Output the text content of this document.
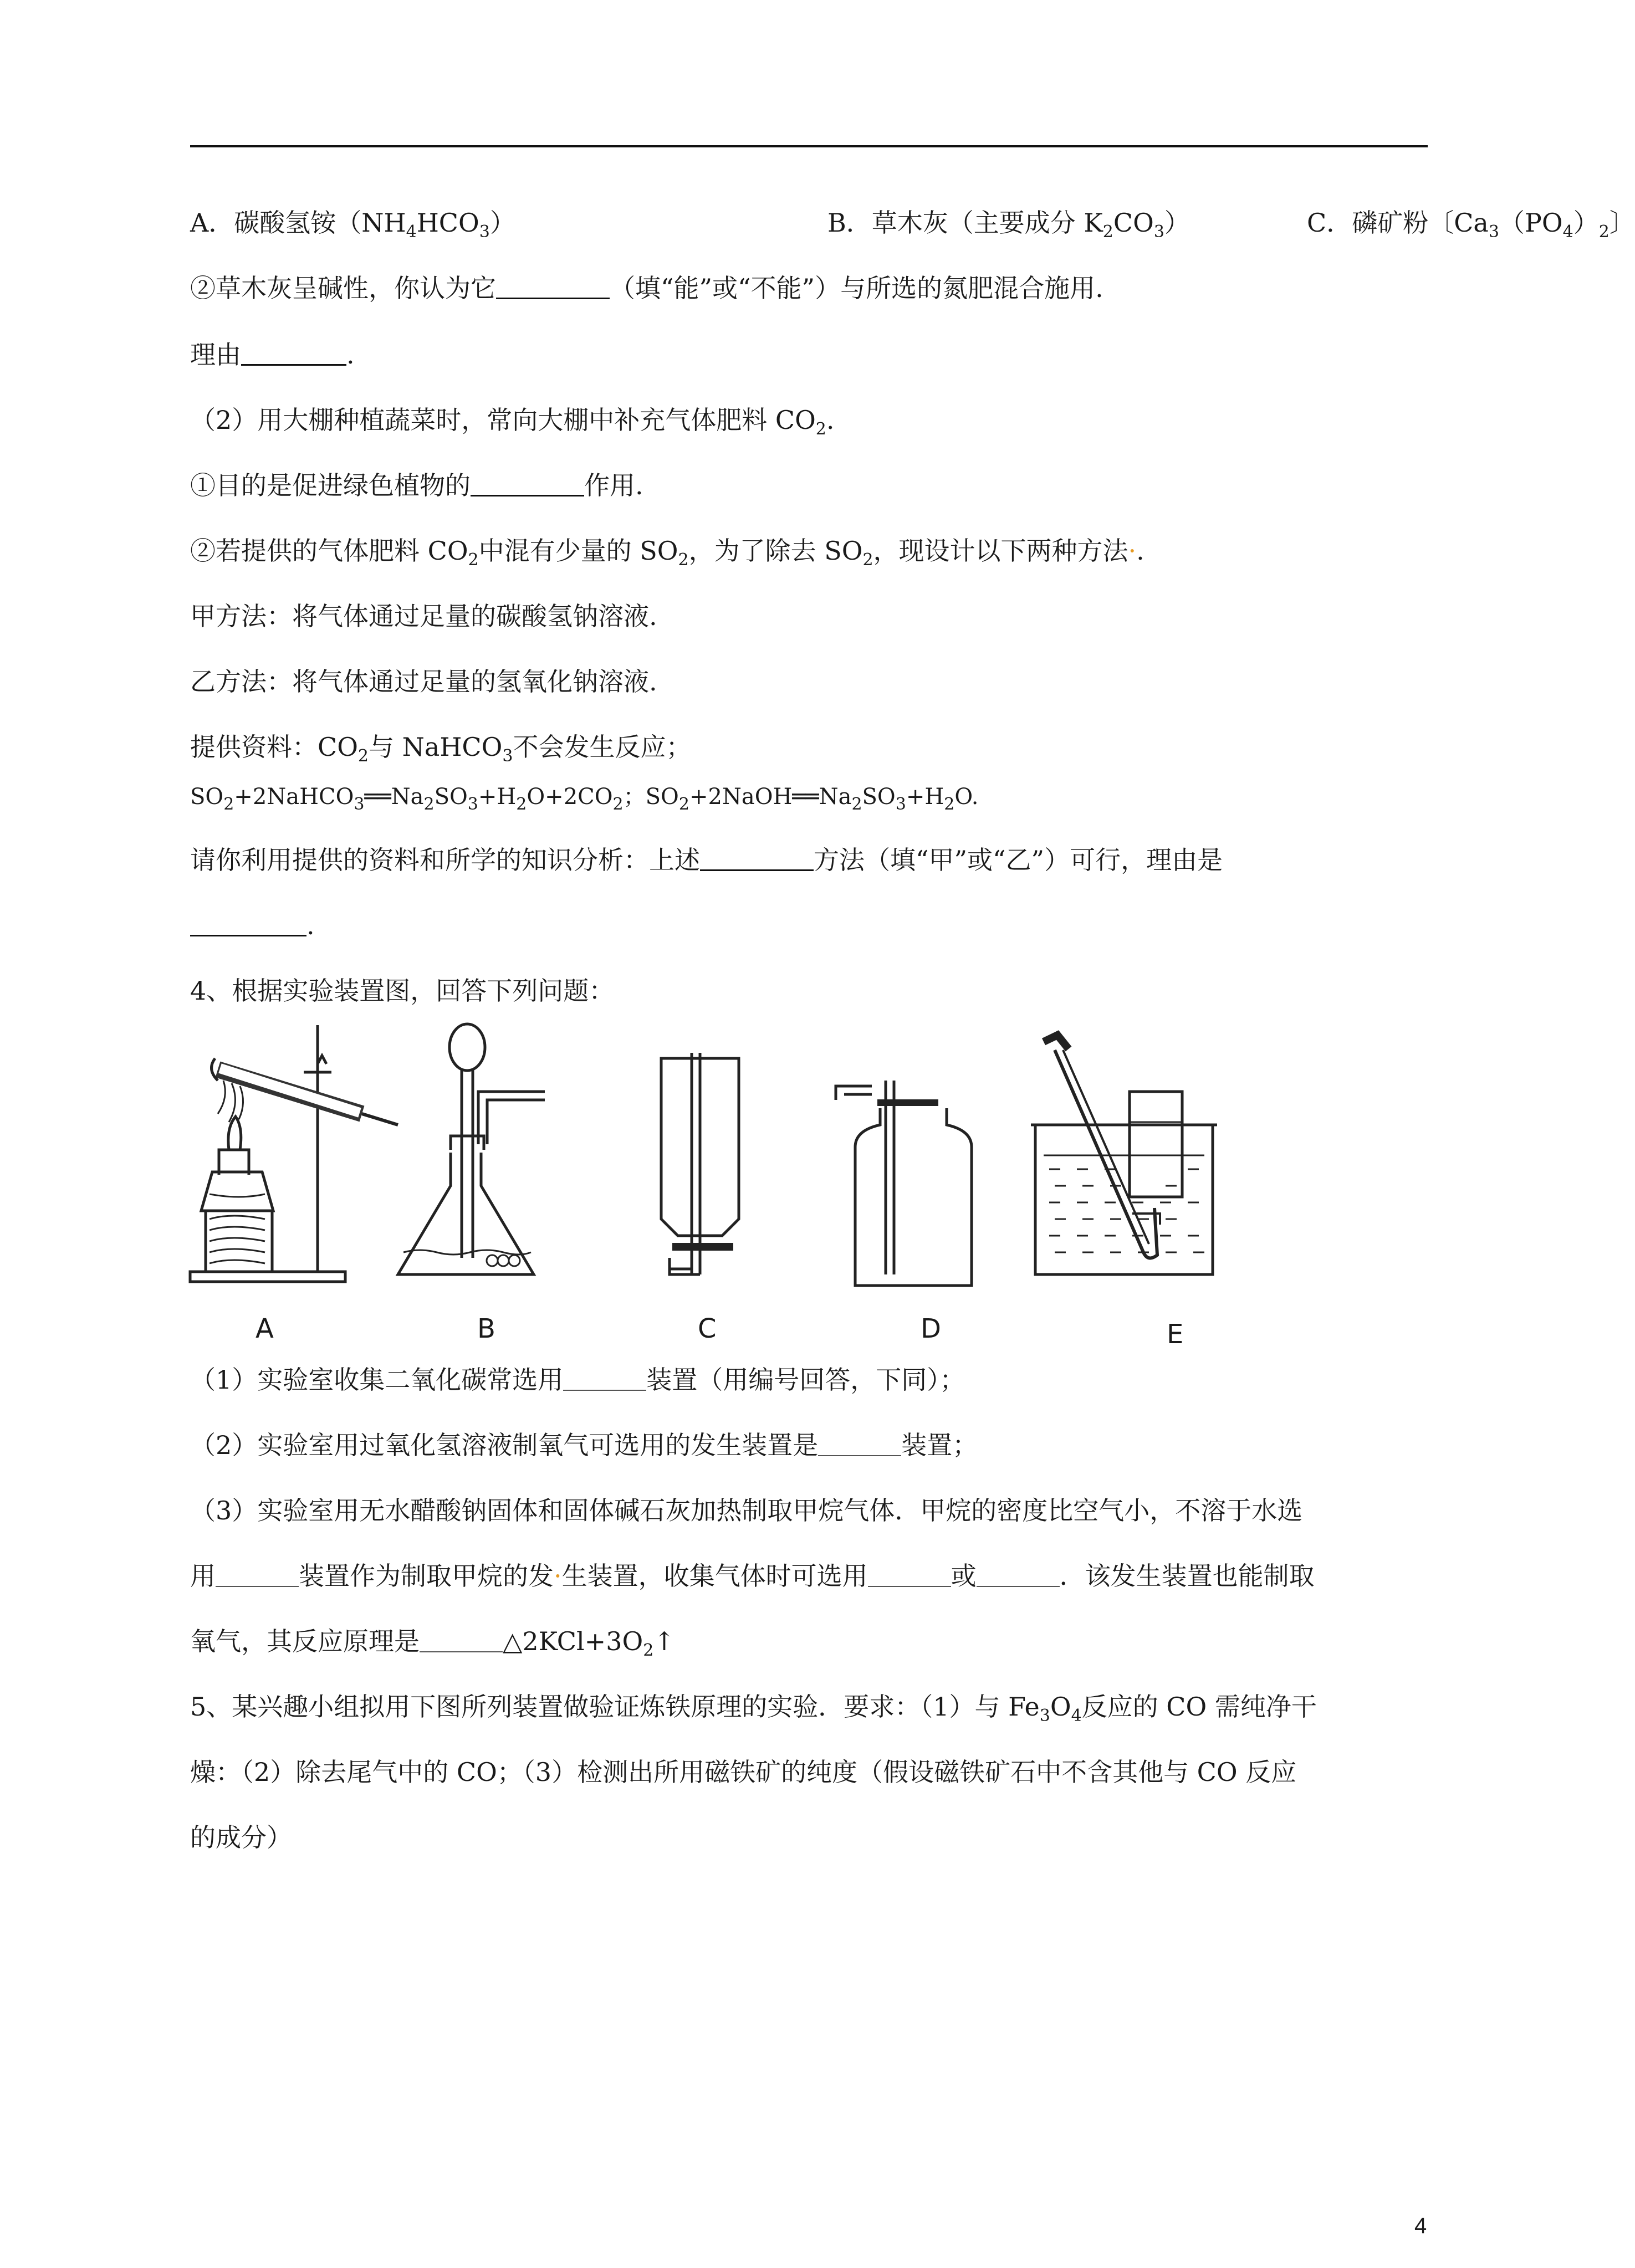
A．碳酸氢铵$(NH_4HCO_3)$	B．草木灰（主要成分 $K_2CO_3$）	C．磷矿粉〔$Ca_3(PO_4)_2$〕
②草木灰呈碱性，你认为它	（填“能”或“不能”）与所选的氮肥混合施用.
理由	.
（2）用大棚种植蔬菜时，常向大棚中补充气体肥料 $CO_2$.
①目的是促进绿色植物的	作用.
②若提供的气体肥料 $CO_2$中混有少量的 $SO_2$，为了除去 $SO_2$，现设计以下两种方法·.
甲方法：将气体通过足量的碳酸氢钠溶液.
乙方法：将气体通过足量的氢氧化钠溶液.
提供资料：$CO_2$与 NaHCO$_3$不会发生反应；
$SO_2+2NaHCO_3══Na_2SO_3+H_2O+2CO_2$；$SO_2+2NaOH══Na_2SO_3+H_2O$.
请你利用提供的资料和所学的知识分析：上述	方法（填“甲”或“乙”）可行，理由是
.
4、根据实验装置图，回答下列问题：
A	B	C	D	E
（1）实验室收集二氧化碳常选用	装置（用编号回答，下同）；
（2）实验室用过氧化氢溶液制氧气可选用的发生装置是	装置；
（3）实验室用无水醋酸钠固体和固体碱石灰加热制取甲烷气体．甲烷的密度比空气小，不溶于水选
用	装置作为制取甲烷的发·生装置，收集气体时可选用	或	．该发生装置也能制取
氧气，其反应原理是	$\triangle 2KCl+3O_2↑$
5、某兴趣小组拟用下图所列装置做验证炼铁原理的实验．要求：（1）与 $Fe_3O_4$反应的 CO 需纯净干
燥：（2）除去尾气中的 CO；（3）检测出所用磁铁矿的纯度（假设磁铁矿石中不含其他与 CO 反应
的成分）
4
